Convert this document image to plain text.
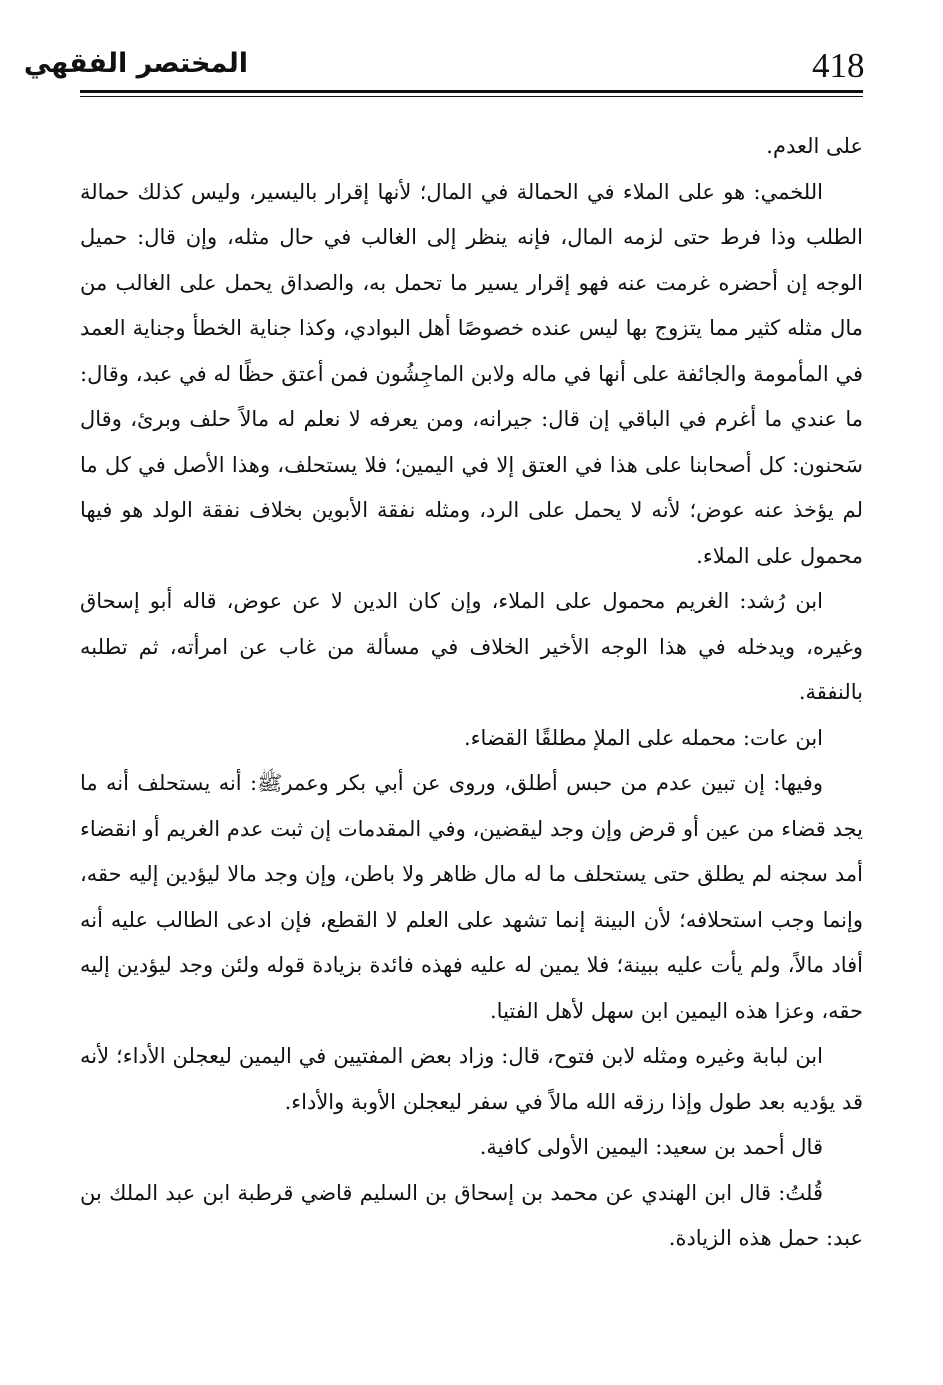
المختصر الفقهي	418

على العدم.

اللخمي: هو على الملاء في الحمالة في المال؛ لأنها إقرار باليسير، وليس كذلك حمالة الطلب وذا فرط حتى لزمه المال، فإنه ينظر إلى الغالب في حال مثله، وإن قال: حميل الوجه إن أحضره غرمت عنه فهو إقرار يسير ما تحمل به، والصداق يحمل على الغالب من مال مثله كثير مما يتزوج بها ليس عنده خصوصًا أهل البوادي، وكذا جناية الخطأ وجناية العمد في المأمومة والجائفة على أنها في ماله ولابن الماجِشُون فمن أعتق حظًا له في عبد، وقال: ما عندي ما أغرم في الباقي إن قال: جيرانه، ومن يعرفه لا نعلم له مالاً حلف وبرئ، وقال سَحنون: كل أصحابنا على هذا في العتق إلا في اليمين؛ فلا يستحلف، وهذا الأصل في كل ما لم يؤخذ عنه عوض؛ لأنه لا يحمل على الرد، ومثله نفقة الأبوين بخلاف نفقة الولد هو فيها محمول على الملاء.

ابن رُشد: الغريم محمول على الملاء، وإن كان الدين لا عن عوض، قاله أبو إسحاق وغيره، ويدخله في هذا الوجه الأخير الخلاف في مسألة من غاب عن امرأته، ثم تطلبه بالنفقة.

ابن عات: محمله على الملإ مطلقًا القضاء.

وفيها: إن تبين عدم من حبس أطلق، وروى عن أبي بكر وعمرﷺ: أنه يستحلف أنه ما يجد قضاء من عين أو قرض وإن وجد ليقضين، وفي المقدمات إن ثبت عدم الغريم أو انقضاء أمد سجنه لم يطلق حتى يستحلف ما له مال ظاهر ولا باطن، وإن وجد مالا ليؤدين إليه حقه، وإنما وجب استحلافه؛ لأن البينة إنما تشهد على العلم لا القطع، فإن ادعى الطالب عليه أنه أفاد مالاً، ولم يأت عليه ببينة؛ فلا يمين له عليه فهذه فائدة بزيادة قوله ولئن وجد ليؤدين إليه حقه، وعزا هذه اليمين ابن سهل لأهل الفتيا.

ابن لبابة وغيره ومثله لابن فتوح، قال: وزاد بعض المفتيين في اليمين ليعجلن الأداء؛ لأنه قد يؤديه بعد طول وإذا رزقه الله مالاً في سفر ليعجلن الأوبة والأداء.

قال أحمد بن سعيد: اليمين الأولى كافية.

قُلتُ: قال ابن الهندي عن محمد بن إسحاق بن السليم قاضي قرطبة ابن عبد الملك بن عبد: حمل هذه الزيادة.
